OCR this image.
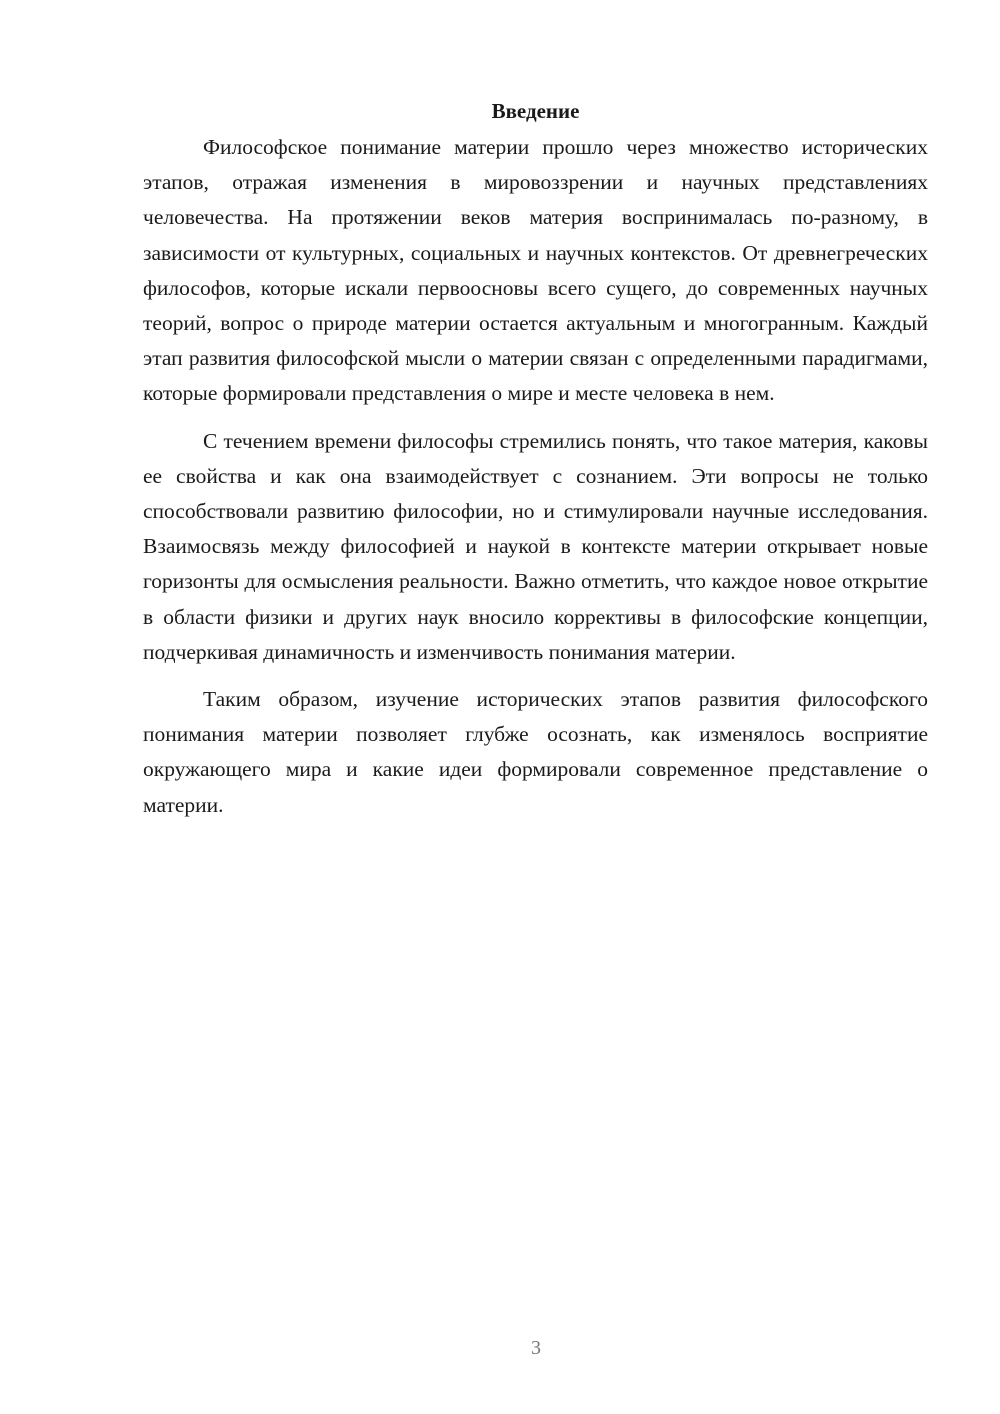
Введение

Философское понимание материи прошло через множество исторических этапов, отражая изменения в мировоззрении и научных представлениях человечества. На протяжении веков материя воспринималась по-разному, в зависимости от культурных, социальных и научных контекстов. От древнегреческих философов, которые искали первоосновы всего сущего, до современных научных теорий, вопрос о природе материи остается актуальным и многогранным. Каждый этап развития философской мысли о материи связан с определенными парадигмами, которые формировали представления о мире и месте человека в нем.

С течением времени философы стремились понять, что такое материя, каковы ее свойства и как она взаимодействует с сознанием. Эти вопросы не только способствовали развитию философии, но и стимулировали научные исследования. Взаимосвязь между философией и наукой в контексте материи открывает новые горизонты для осмысления реальности. Важно отметить, что каждое новое открытие в области физики и других наук вносило коррективы в философские концепции, подчеркивая динамичность и изменчивость понимания материи.

Таким образом, изучение исторических этапов развития философского понимания материи позволяет глубже осознать, как изменялось восприятие окружающего мира и какие идеи формировали современное представление о материи.

3
